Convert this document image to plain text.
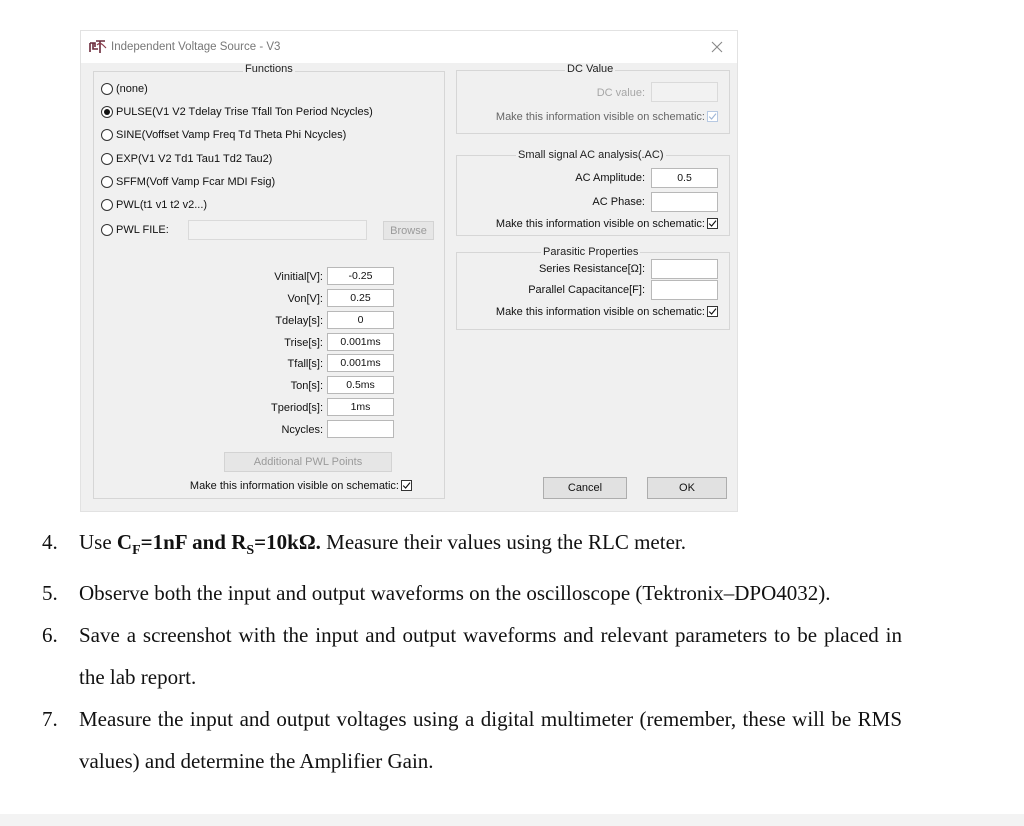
Independent Voltage Source - V3
Functions
(none)
PULSE(V1 V2 Tdelay Trise Tfall Ton Period Ncycles)
SINE(Voffset Vamp Freq Td Theta Phi Ncycles)
EXP(V1 V2 Td1 Tau1 Td2 Tau2)
SFFM(Voff Vamp Fcar MDI Fsig)
PWL(t1 v1 t2 v2...)
PWL FILE:	Browse
Vinitial[V]:
-0.25
Von[V]:
0.25
Tdelay[s]:
0
Trise[s]:
0.001ms
Tfall[s]:
0.001ms
Ton[s]:
0.5ms
Tperiod[s]:
1ms
Ncycles:
Additional PWL Points
Make this information visible on schematic:
DC Value
DC value:
Make this information visible on schematic:
Small signal AC analysis(.AC)
AC Amplitude:
0.5
AC Phase:
Make this information visible on schematic:
Parasitic Properties
Series Resistance[Ω]:
Parallel Capacitance[F]:
Make this information visible on schematic:
Cancel	OK
4. Use $C_F=1nF$ and $R_S=10k\Omega$. Measure their values using the RLC meter.
5. Observe both the input and output waveforms on the oscilloscope (Tektronix–DPO4032).
6. Save a screenshot with the input and output waveforms and relevant parameters to be placed in the lab report.
7. Measure the input and output voltages using a digital multimeter (remember, these will be RMS values) and determine the Amplifier Gain.
